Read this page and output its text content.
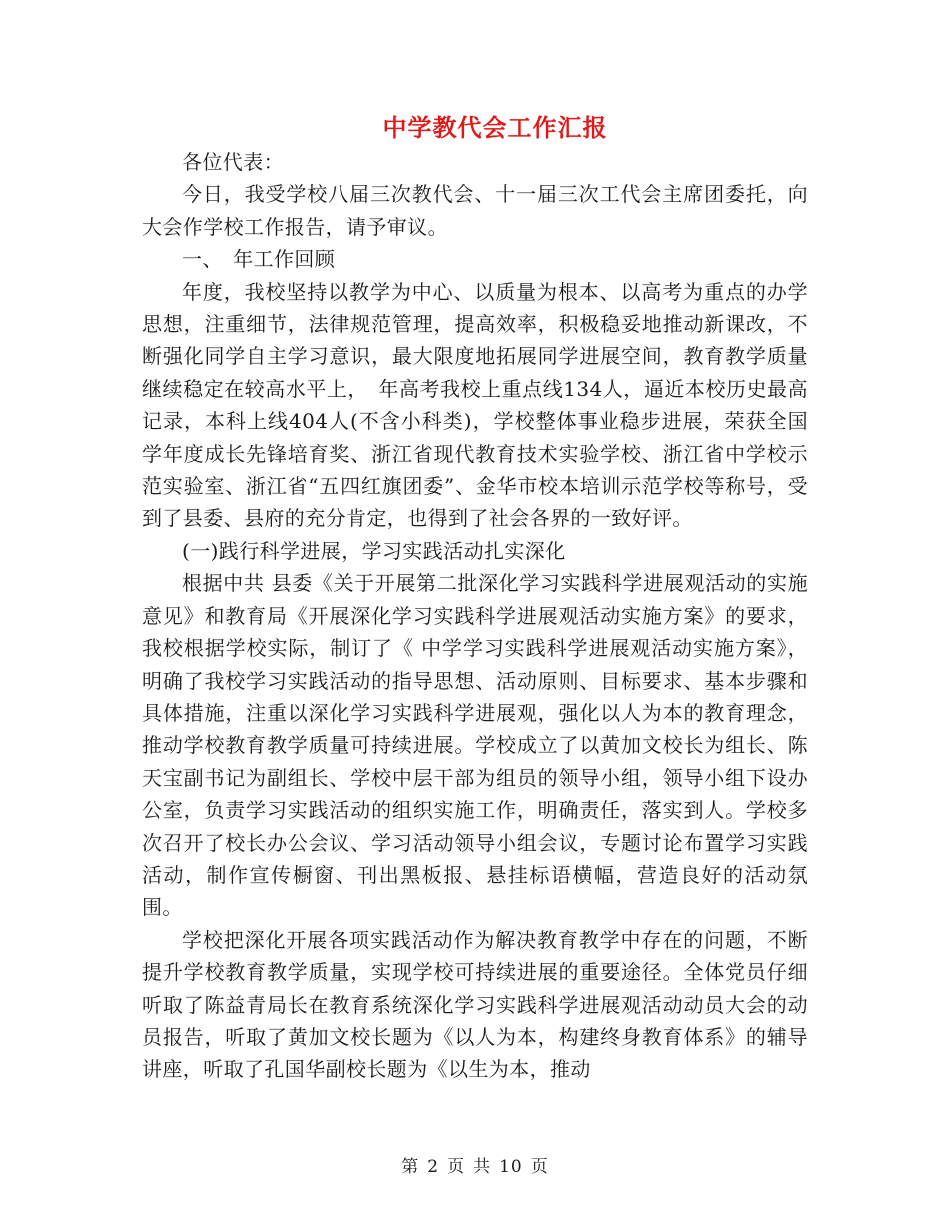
中学教代会工作汇报

各位代表：

今日，我受学校八届三次教代会、十一届三次工代会主席团委托，向大会作学校工作报告，请予审议。

一、　年工作回顾

年度，我校坚持以教学为中心、以质量为根本、以高考为重点的办学思想，注重细节，法律规范管理，提高效率，积极稳妥地推动新课改，不断强化同学自主学习意识，最大限度地拓展同学进展空间，教育教学质量继续稳定在较高水平上，　年高考我校上重点线134人，逼近本校历史最高记录，本科上线404人(不含小科类)，学校整体事业稳步进展，荣获全国 学年度成长先锋培育奖、浙江省现代教育技术实验学校、浙江省中学校示范实验室、浙江省“五四红旗团委”、金华市校本培训示范学校等称号，受到了县委、县府的充分肯定，也得到了社会各界的一致好评。

(一)践行科学进展，学习实践活动扎实深化

根据中共 县委《关于开展第二批深化学习实践科学进展观活动的实施意见》和教育局《开展深化学习实践科学进展观活动实施方案》的要求，我校根据学校实际，制订了《 中学学习实践科学进展观活动实施方案》，明确了我校学习实践活动的指导思想、活动原则、目标要求、基本步骤和具体措施，注重以深化学习实践科学进展观，强化以人为本的教育理念，推动学校教育教学质量可持续进展。学校成立了以黄加文校长为组长、陈天宝副书记为副组长、学校中层干部为组员的领导小组，领导小组下设办公室，负责学习实践活动的组织实施工作，明确责任，落实到人。学校多次召开了校长办公会议、学习活动领导小组会议，专题讨论布置学习实践活动，制作宣传橱窗、刊出黑板报、悬挂标语横幅，营造良好的活动氛围。

学校把深化开展各项实践活动作为解决教育教学中存在的问题，不断提升学校教育教学质量，实现学校可持续进展的重要途径。全体党员仔细听取了陈益青局长在教育系统深化学习实践科学进展观活动动员大会的动员报告，听取了黄加文校长题为《以人为本，构建终身教育体系》的辅导讲座，听取了孔国华副校长题为《以生为本，推动

第 2 页 共 10 页
